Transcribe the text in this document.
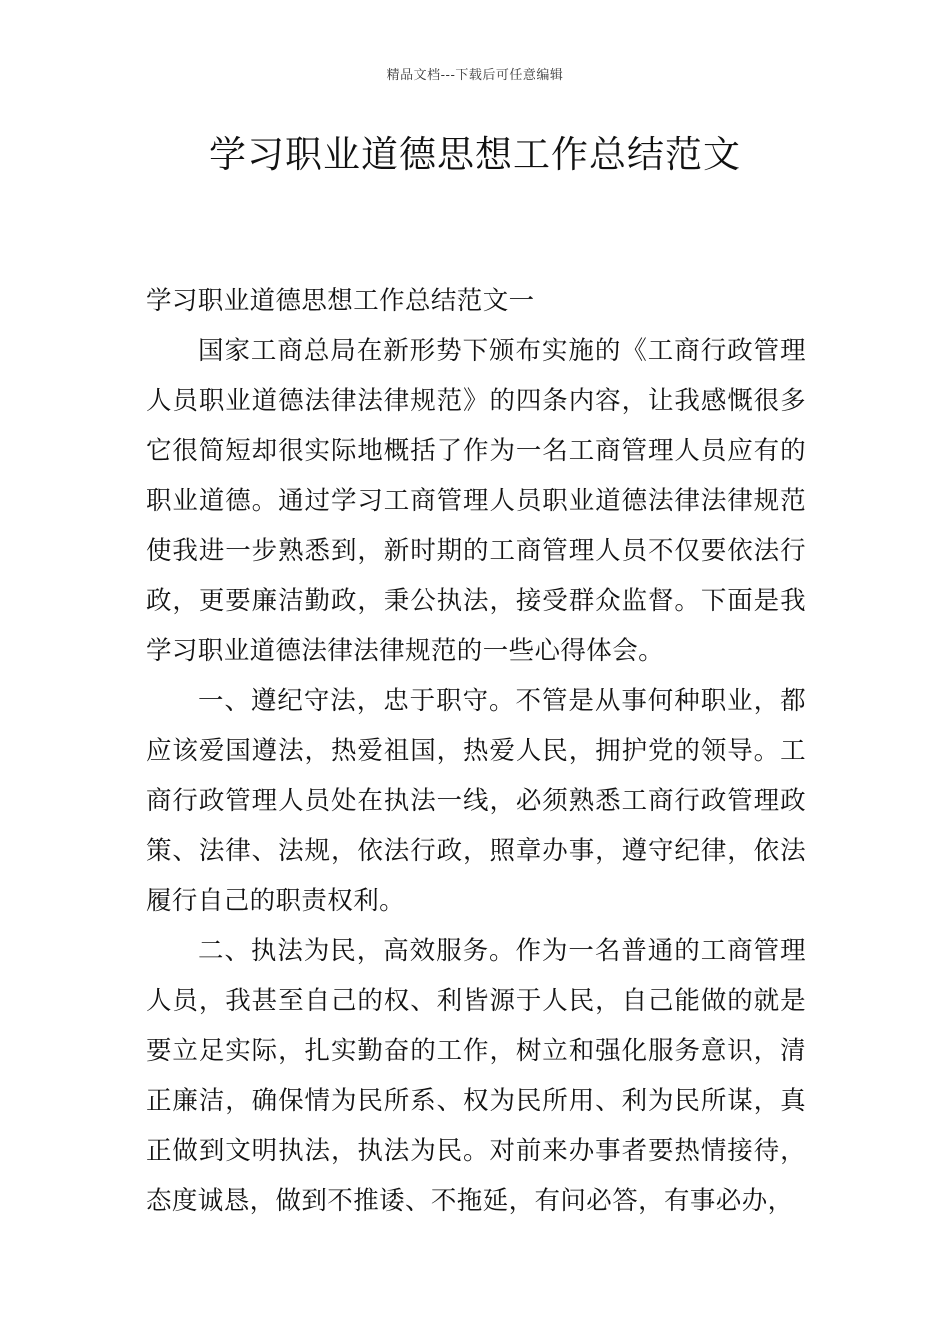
精品文档---下载后可任意编辑
学习职业道德思想工作总结范文

学习职业道德思想工作总结范文一

国家工商总局在新形势下颁布实施的《工商行政管理人员职业道德法律法律规范》的四条内容，让我感慨很多它很简短却很实际地概括了作为一名工商管理人员应有的职业道德。通过学习工商管理人员职业道德法律法律规范使我进一步熟悉到，新时期的工商管理人员不仅要依法行政，更要廉洁勤政，秉公执法，接受群众监督。下面是我学习职业道德法律法律规范的一些心得体会。

一、遵纪守法，忠于职守。不管是从事何种职业，都应该爱国遵法，热爱祖国，热爱人民，拥护党的领导。工商行政管理人员处在执法一线，必须熟悉工商行政管理政策、法律、法规，依法行政，照章办事，遵守纪律，依法履行自己的职责权利。

二、执法为民，高效服务。作为一名普通的工商管理人员，我甚至自己的权、利皆源于人民，自己能做的就是要立足实际，扎实勤奋的工作，树立和强化服务意识，清正廉洁，确保情为民所系、权为民所用、利为民所谋，真正做到文明执法，执法为民。对前来办事者要热情接待，态度诚恳，做到不推诿、不拖延，有问必答，有事必办，
